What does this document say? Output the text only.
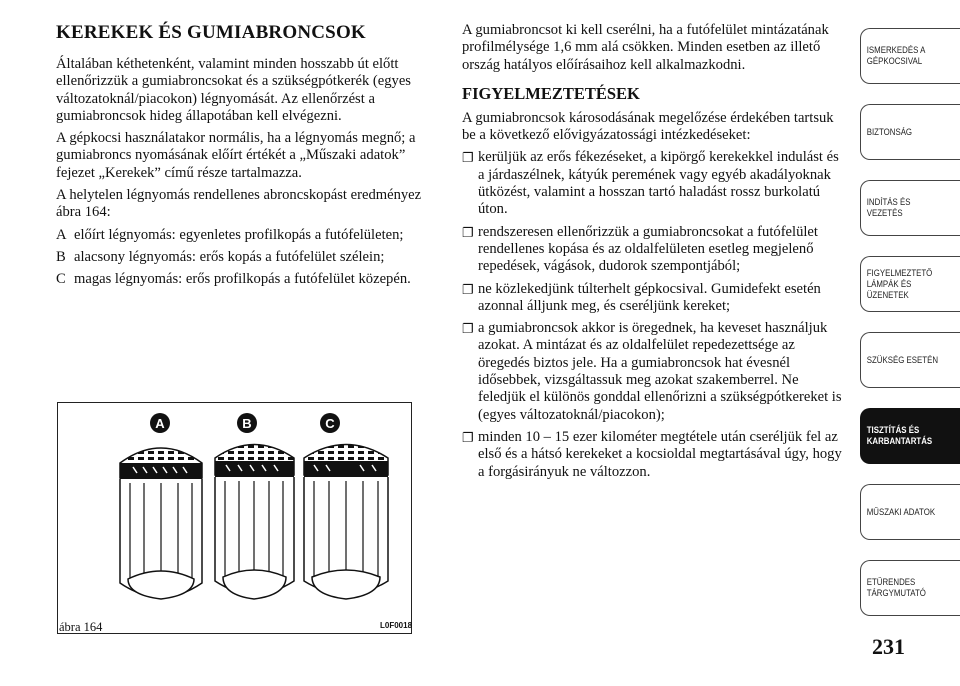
KEREKEK ÉS GUMIABRONCSOK

Általában kéthetenként, valamint minden hosszabb út előtt ellenőrizzük a gumiabroncsokat és a szükségpótkerék (egyes változatoknál/piacokon) légnyomását. Az ellenőrzést a gumiabroncsok hideg állapotában kell elvégezni.

A gépkocsi használatakor normális, ha a légnyomás megnő; a gumiabroncs nyomásának előírt értékét a „Műszaki adatok” fejezet „Kerekek” című része tartalmazza.

A helytelen légnyomás rendellenes abroncskopást eredményez ábra 164:

A előírt légnyomás: egyenletes profilkopás a futófelületen;
B alacsony légnyomás: erős kopás a futófelület szélein;
C magas légnyomás: erős profilkopás a futófelület közepén.
A	B	C
ábra 164	L0F0018

A gumiabroncsot ki kell cserélni, ha a futófelület mintázatának profilmélysége 1,6 mm alá csökken. Minden esetben az illető ország hatályos előírásaihoz kell alkalmazkodni.

FIGYELMEZTETÉSEK

A gumiabroncsok károsodásának megelőzése érdekében tartsuk be a következő elővigyázatossági intézkedéseket:

❐ kerüljük az erős fékezéseket, a kipörgő kerekekkel indulást és a járdaszélnek, kátyúk peremének vagy egyéb akadályoknak ütközést, valamint a hosszan tartó haladást rossz burkolatú úton.
❐ rendszeresen ellenőrizzük a gumiabroncsokat a futófelület rendellenes kopása és az oldalfelületen esetleg megjelenő repedések, vágások, dudorok szempontjából;
❐ ne közlekedjünk túlterhelt gépkocsival. Gumidefekt esetén azonnal álljunk meg, és cseréljünk kereket;
❐ a gumiabroncsok akkor is öregednek, ha keveset használjuk azokat. A mintázat és az oldalfelület repedezettsége az öregedés biztos jele. Ha a gumiabroncsok hat évesnél idősebbek, vizsgáltassuk meg azokat szakemberrel. Ne feledjük el különös gonddal ellenőrizni a szükségpótkereket is (egyes változatoknál/piacokon);
❐ minden 10 – 15 ezer kilométer megtétele után cseréljük fel az első és a hátsó kerekeket a kocsioldal megtartásával úgy, hogy a forgásirányuk ne változzon.
ISMERKEDÉS A GÉPKOCSIVAL
BIZTONSÁG
INDÍTÁS ÉS VEZETÉS
FIGYELMEZTETŐ LÁMPÁK ÉS ÜZENETEK
SZÜKSÉG ESETÉN
TISZTÍTÁS ÉS KARBANTARTÁS
MŰSZAKI ADATOK
ETŰRENDES TÁRGYMUTATÓ
231
